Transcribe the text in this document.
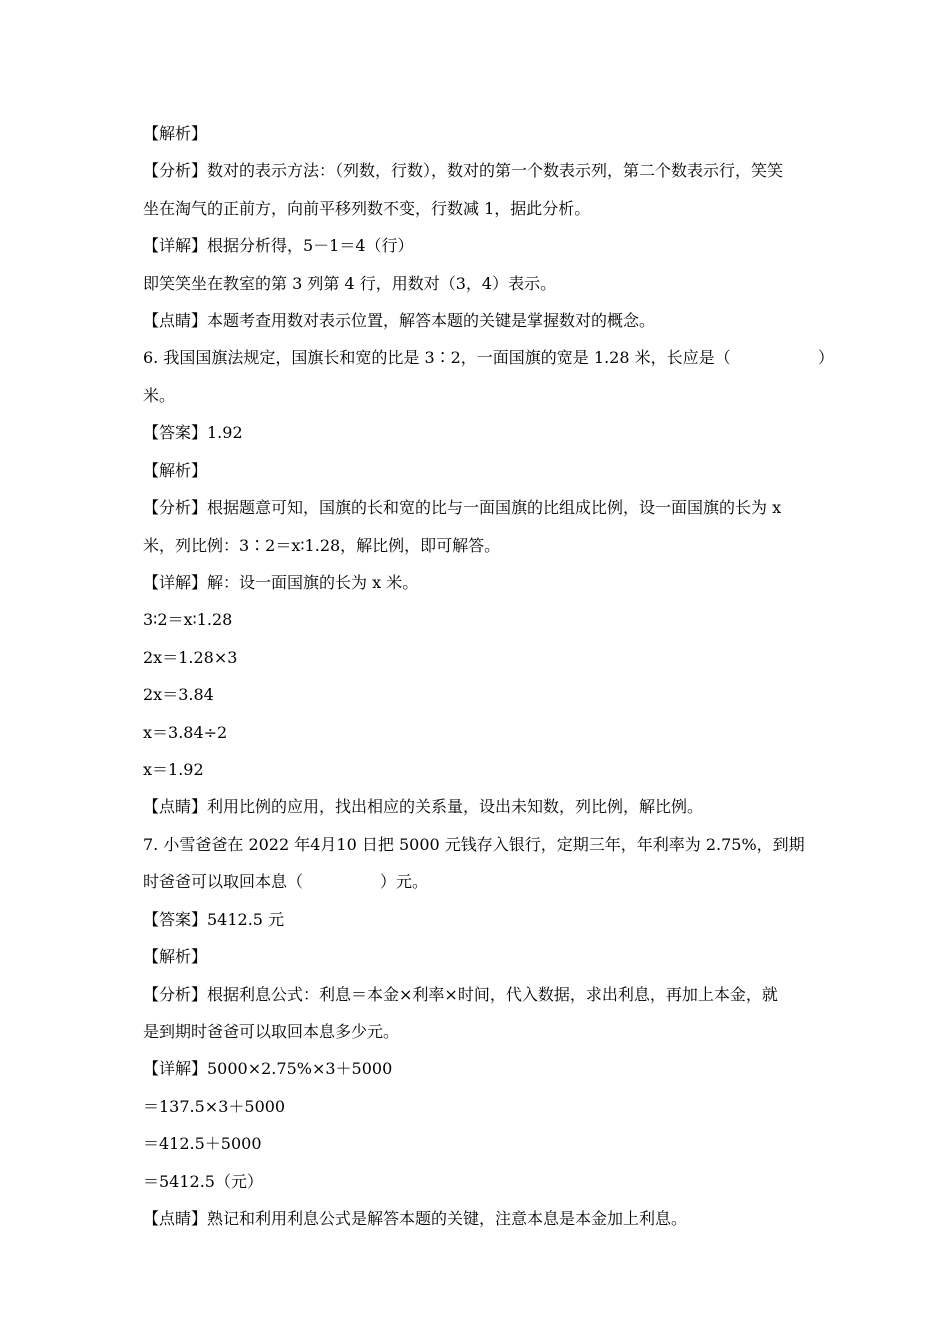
【解析】
【分析】数对的表示方法：（列数，行数），数对的第一个数表示列，第二个数表示行，笑笑
坐在淘气的正前方，向前平移列数不变，行数减 1，据此分析。
【详解】根据分析得，5－1＝4（行）
即笑笑坐在教室的第 3 列第 4 行，用数对（3，4）表示。
【点睛】本题考查用数对表示位置，解答本题的关键是掌握数对的概念。
6. 我国国旗法规定，国旗长和宽的比是 3∶2，一面国旗的宽是 1.28 米，长应是（	）
米。
【答案】1.92
【解析】
【分析】根据题意可知，国旗的长和宽的比与一面国旗的比组成比例，设一面国旗的长为 x
米，列比例：3∶2＝x∶1.28，解比例，即可解答。
【详解】解：设一面国旗的长为 x 米。
3∶2＝x∶1.28
2x＝1.28×3
2x＝3.84
x＝3.84÷2
x＝1.92
【点睛】利用比例的应用，找出相应的关系量，设出未知数，列比例，解比例。
7. 小雪爸爸在 2022 年4月10 日把 5000 元钱存入银行，定期三年，年利率为 2.75%，到期
时爸爸可以取回本息（	）元。
【答案】5412.5 元
【解析】
【分析】根据利息公式：利息＝本金×利率×时间，代入数据，求出利息，再加上本金，就
是到期时爸爸可以取回本息多少元。
【详解】5000×2.75%×3＋5000
＝137.5×3＋5000
＝412.5＋5000
＝5412.5（元）
【点睛】熟记和利用利息公式是解答本题的关键，注意本息是本金加上利息。
